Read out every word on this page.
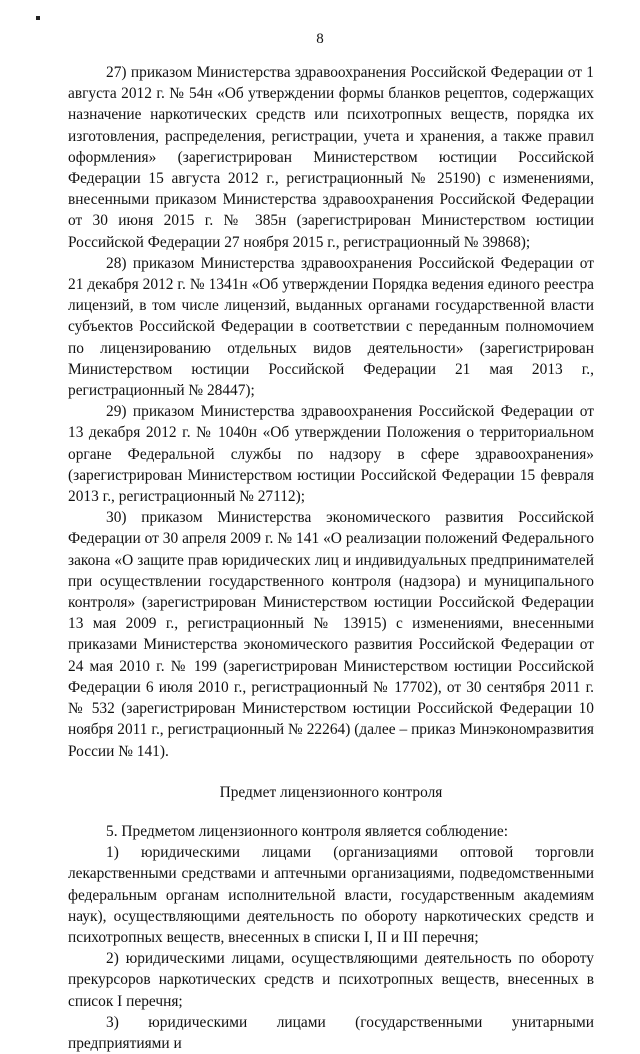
8

27) приказом Министерства здравоохранения Российской Федерации от 1 августа 2012 г. № 54н «Об утверждении формы бланков рецептов, содержащих назначение наркотических средств или психотропных веществ, порядка их изготовления, распределения, регистрации, учета и хранения, а также правил оформления» (зарегистрирован Министерством юстиции Российской Федерации 15 августа 2012 г., регистрационный № 25190) с изменениями, внесенными приказом Министерства здравоохранения Российской Федерации от 30 июня 2015 г. № 385н (зарегистрирован Министерством юстиции Российской Федерации 27 ноября 2015 г., регистрационный № 39868);

28) приказом Министерства здравоохранения Российской Федерации от 21 декабря 2012 г. № 1341н «Об утверждении Порядка ведения единого реестра лицензий, в том числе лицензий, выданных органами государственной власти субъектов Российской Федерации в соответствии с переданным полномочием по лицензированию отдельных видов деятельности» (зарегистрирован Министерством юстиции Российской Федерации 21 мая 2013 г., регистрационный № 28447);

29) приказом Министерства здравоохранения Российской Федерации от 13 декабря 2012 г. № 1040н «Об утверждении Положения о территориальном органе Федеральной службы по надзору в сфере здравоохранения» (зарегистрирован Министерством юстиции Российской Федерации 15 февраля 2013 г., регистрационный № 27112);

30) приказом Министерства экономического развития Российской Федерации от 30 апреля 2009 г. № 141 «О реализации положений Федерального закона «О защите прав юридических лиц и индивидуальных предпринимателей при осуществлении государственного контроля (надзора) и муниципального контроля» (зарегистрирован Министерством юстиции Российской Федерации 13 мая 2009 г., регистрационный № 13915) с изменениями, внесенными приказами Министерства экономического развития Российской Федерации от 24 мая 2010 г. № 199 (зарегистрирован Министерством юстиции Российской Федерации 6 июля 2010 г., регистрационный № 17702), от 30 сентября 2011 г. № 532 (зарегистрирован Министерством юстиции Российской Федерации 10 ноября 2011 г., регистрационный № 22264) (далее – приказ Минэкономразвития России № 141).

Предмет лицензионного контроля

5. Предметом лицензионного контроля является соблюдение:

1) юридическими лицами (организациями оптовой торговли лекарственными средствами и аптечными организациями, подведомственными федеральным органам исполнительной власти, государственным академиям наук), осуществляющими деятельность по обороту наркотических средств и психотропных веществ, внесенных в списки I, II и III перечня;

2) юридическими лицами, осуществляющими деятельность по обороту прекурсоров наркотических средств и психотропных веществ, внесенных в список I перечня;

3) юридическими лицами (государственными унитарными предприятиями и
